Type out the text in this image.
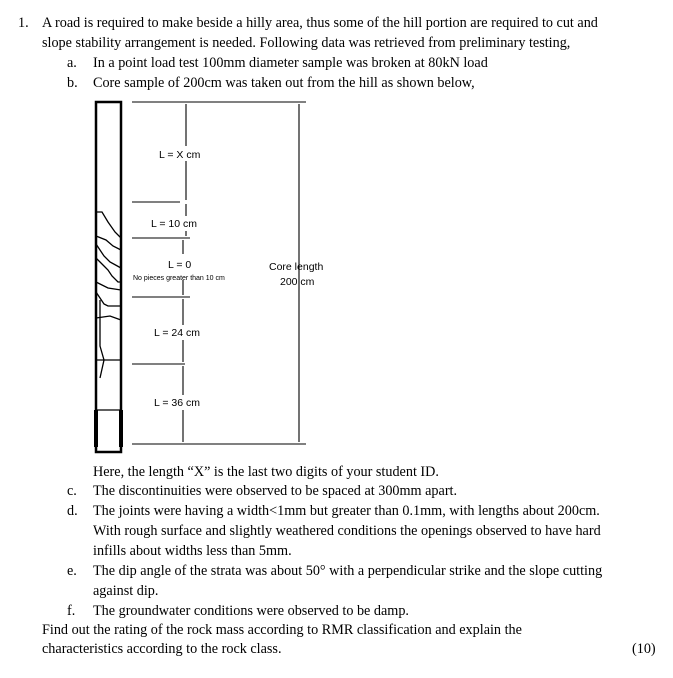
1. A road is required to make beside a hilly area, thus some of the hill portion are required to cut and
slope stability arrangement is needed. Following data was retrieved from preliminary testing,
a. In a point load test 100mm diameter sample was broken at 80kN load
b. Core sample of 200cm was taken out from the hill as shown below,
L = X cm
L = 10 cm
L = 0
No pieces greater than 10 cm
L = 24 cm
L = 36 cm
Core length
200 cm
Here, the length “X” is the last two digits of your student ID.
c. The discontinuities were observed to be spaced at 300mm apart.
d. The joints were having a width<1mm but greater than 0.1mm, with lengths about 200cm.
With rough surface and slightly weathered conditions the openings observed to have hard
infills about widths less than 5mm.
e. The dip angle of the strata was about 50° with a perpendicular strike and the slope cutting
against dip.
f. The groundwater conditions were observed to be damp.
Find out the rating of the rock mass according to RMR classification and explain the
characteristics according to the rock class.	(10)
